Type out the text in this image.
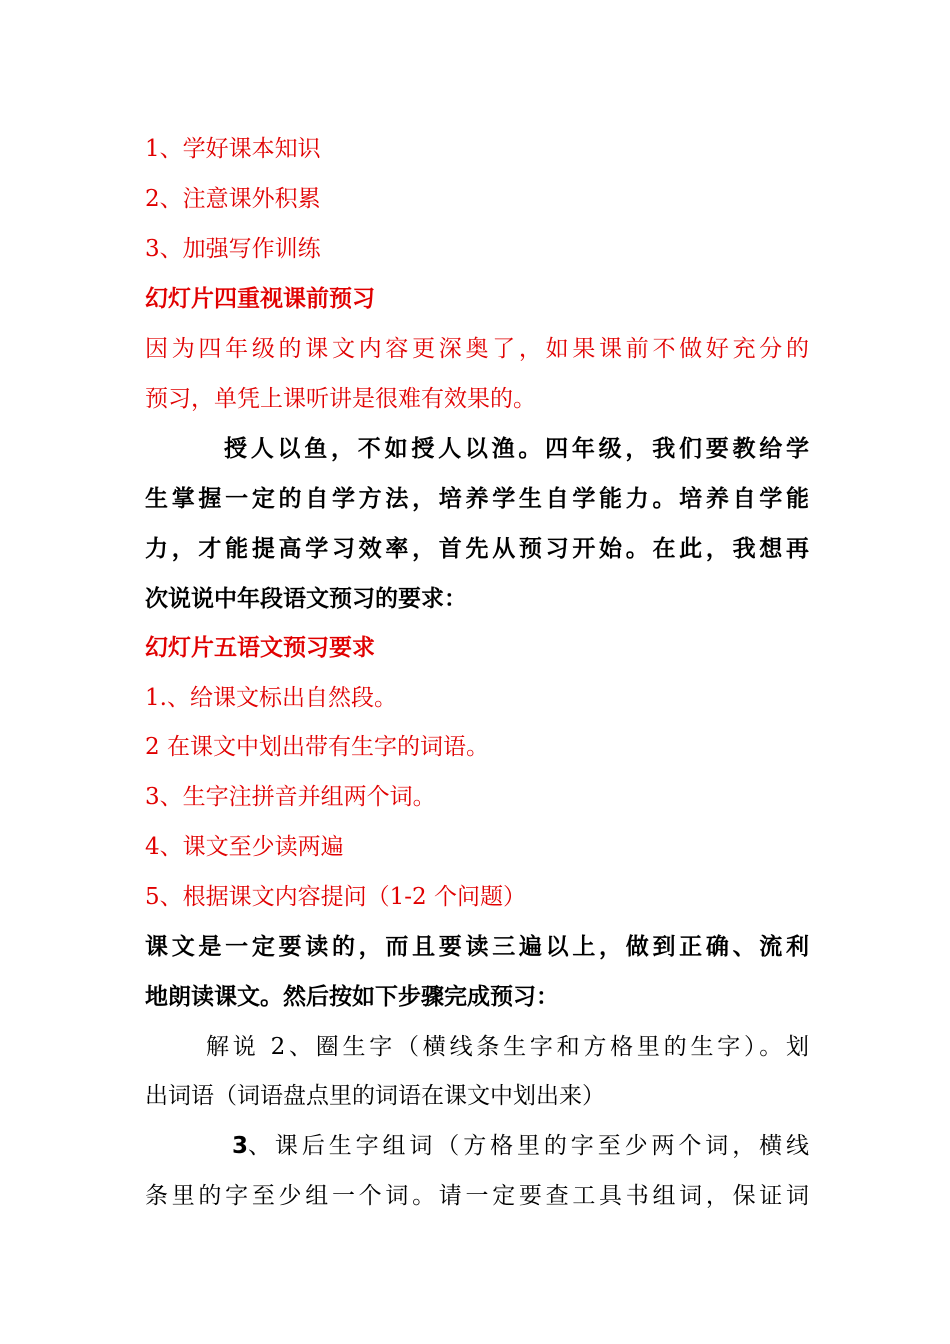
1、学好课本知识
2、注意课外积累
3、加强写作训练
幻灯片四重视课前预习
因为四年级的课文内容更深奥了，如果课前不做好充分的
预习，单凭上课听讲是很难有效果的。
授人以鱼，不如授人以渔。四年级，我们要教给学
生掌握一定的自学方法，培养学生自学能力。培养自学能
力，才能提高学习效率，首先从预习开始。在此，我想再
次说说中年段语文预习的要求：
幻灯片五语文预习要求
1.、给课文标出自然段。
2 在课文中划出带有生字的词语。
3、生字注拼音并组两个词。
4、课文至少读两遍
5、根据课文内容提问（1-2 个问题）
课文是一定要读的，而且要读三遍以上，做到正确、流利
地朗读课文。然后按如下步骤完成预习：
解说 2、圈生字（横线条生字和方格里的生字）。划
出词语（词语盘点里的词语在课文中划出来）
3 、课后生字组词（方格里的字至少两个词，横线
条里的字至少组一个词。请一定要查工具书组词，保证词
